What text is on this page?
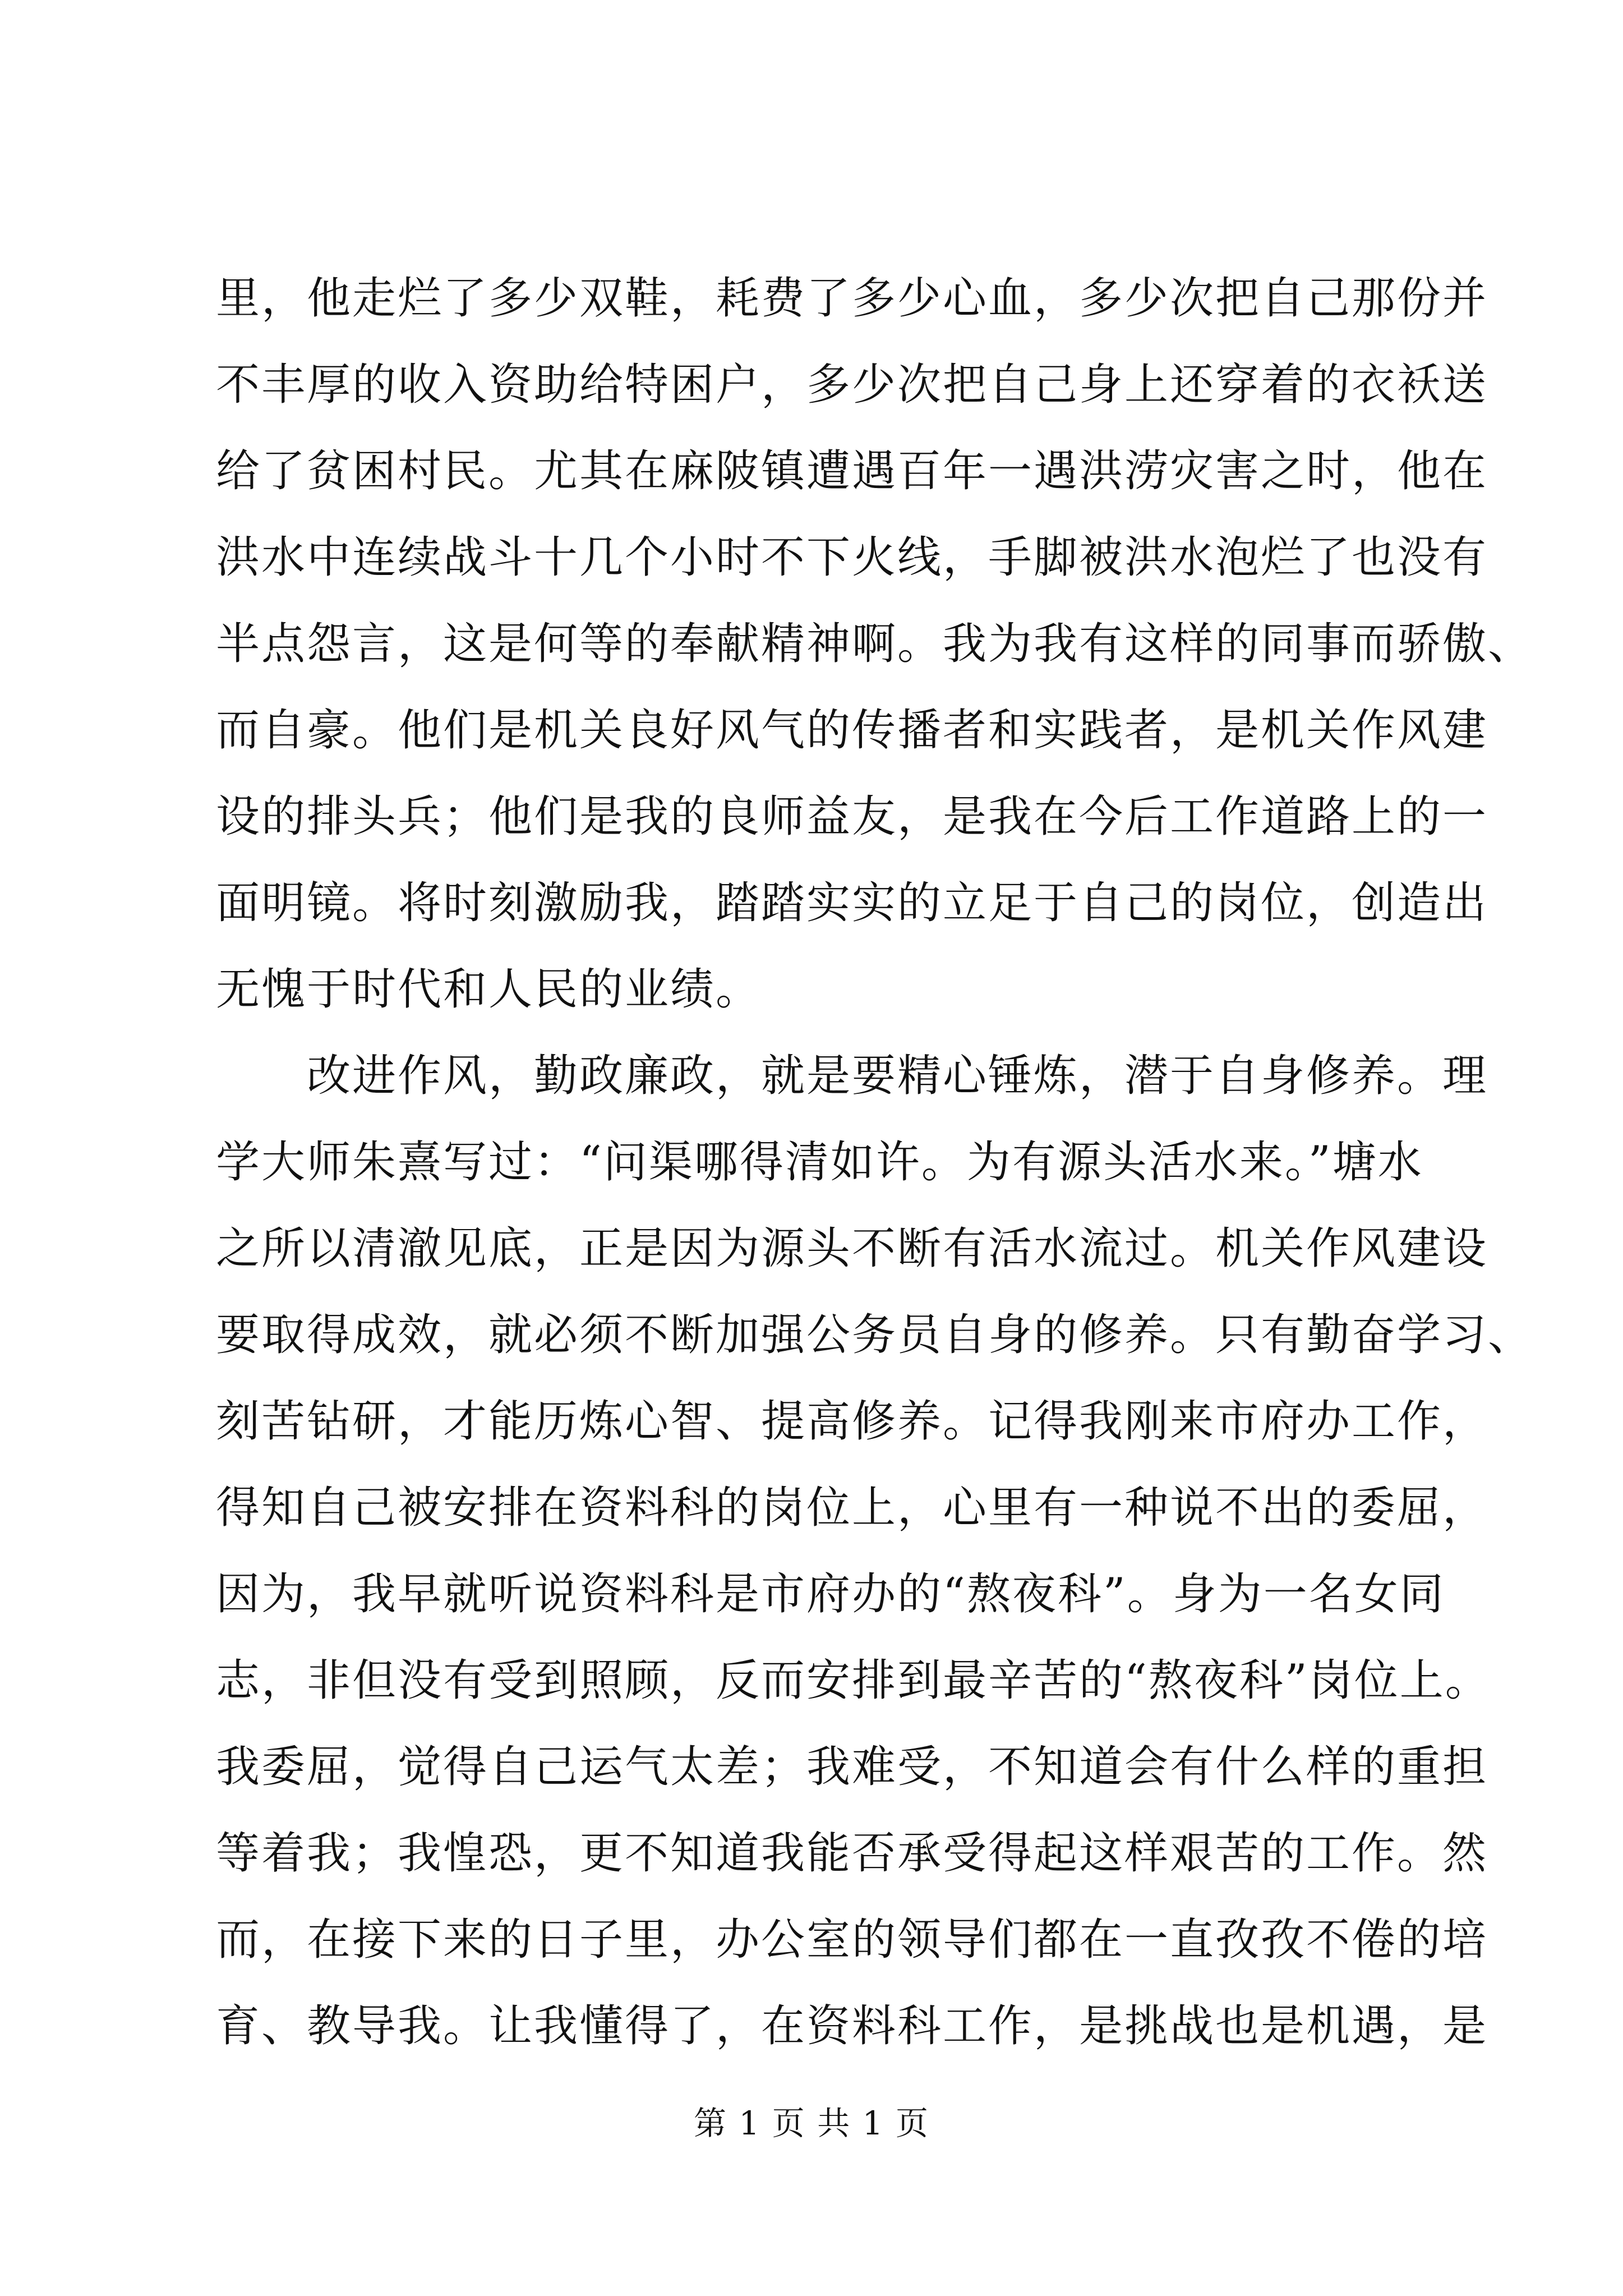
里，他走烂了多少双鞋，耗费了多少心血，多少次把自己那份并
不丰厚的收入资助给特困户，多少次把自己身上还穿着的衣袄送
给了贫困村民。尤其在麻陂镇遭遇百年一遇洪涝灾害之时，他在
洪水中连续战斗十几个小时不下火线，手脚被洪水泡烂了也没有
半点怨言，这是何等的奉献精神啊。我为我有这样的同事而骄傲、
而自豪。他们是机关良好风气的传播者和实践者，是机关作风建
设的排头兵；他们是我的良师益友，是我在今后工作道路上的一
面明镜。将时刻激励我，踏踏实实的立足于自己的岗位，创造出
无愧于时代和人民的业绩。
　　改进作风，勤政廉政，就是要精心锤炼，潜于自身修养。理
学大师朱熹写过：“问渠哪得清如许。为有源头活水来。”塘水
之所以清澈见底，正是因为源头不断有活水流过。机关作风建设
要取得成效，就必须不断加强公务员自身的修养。只有勤奋学习、
刻苦钻研，才能历炼心智、提高修养。记得我刚来市府办工作，
得知自己被安排在资料科的岗位上，心里有一种说不出的委屈，
因为，我早就听说资料科是市府办的“熬夜科”。身为一名女同
志，非但没有受到照顾，反而安排到最辛苦的“熬夜科”岗位上。
我委屈，觉得自己运气太差；我难受，不知道会有什么样的重担
等着我；我惶恐，更不知道我能否承受得起这样艰苦的工作。然
而，在接下来的日子里，办公室的领导们都在一直孜孜不倦的培
育、教导我。让我懂得了，在资料科工作，是挑战也是机遇，是
第 1 页 共 1 页
